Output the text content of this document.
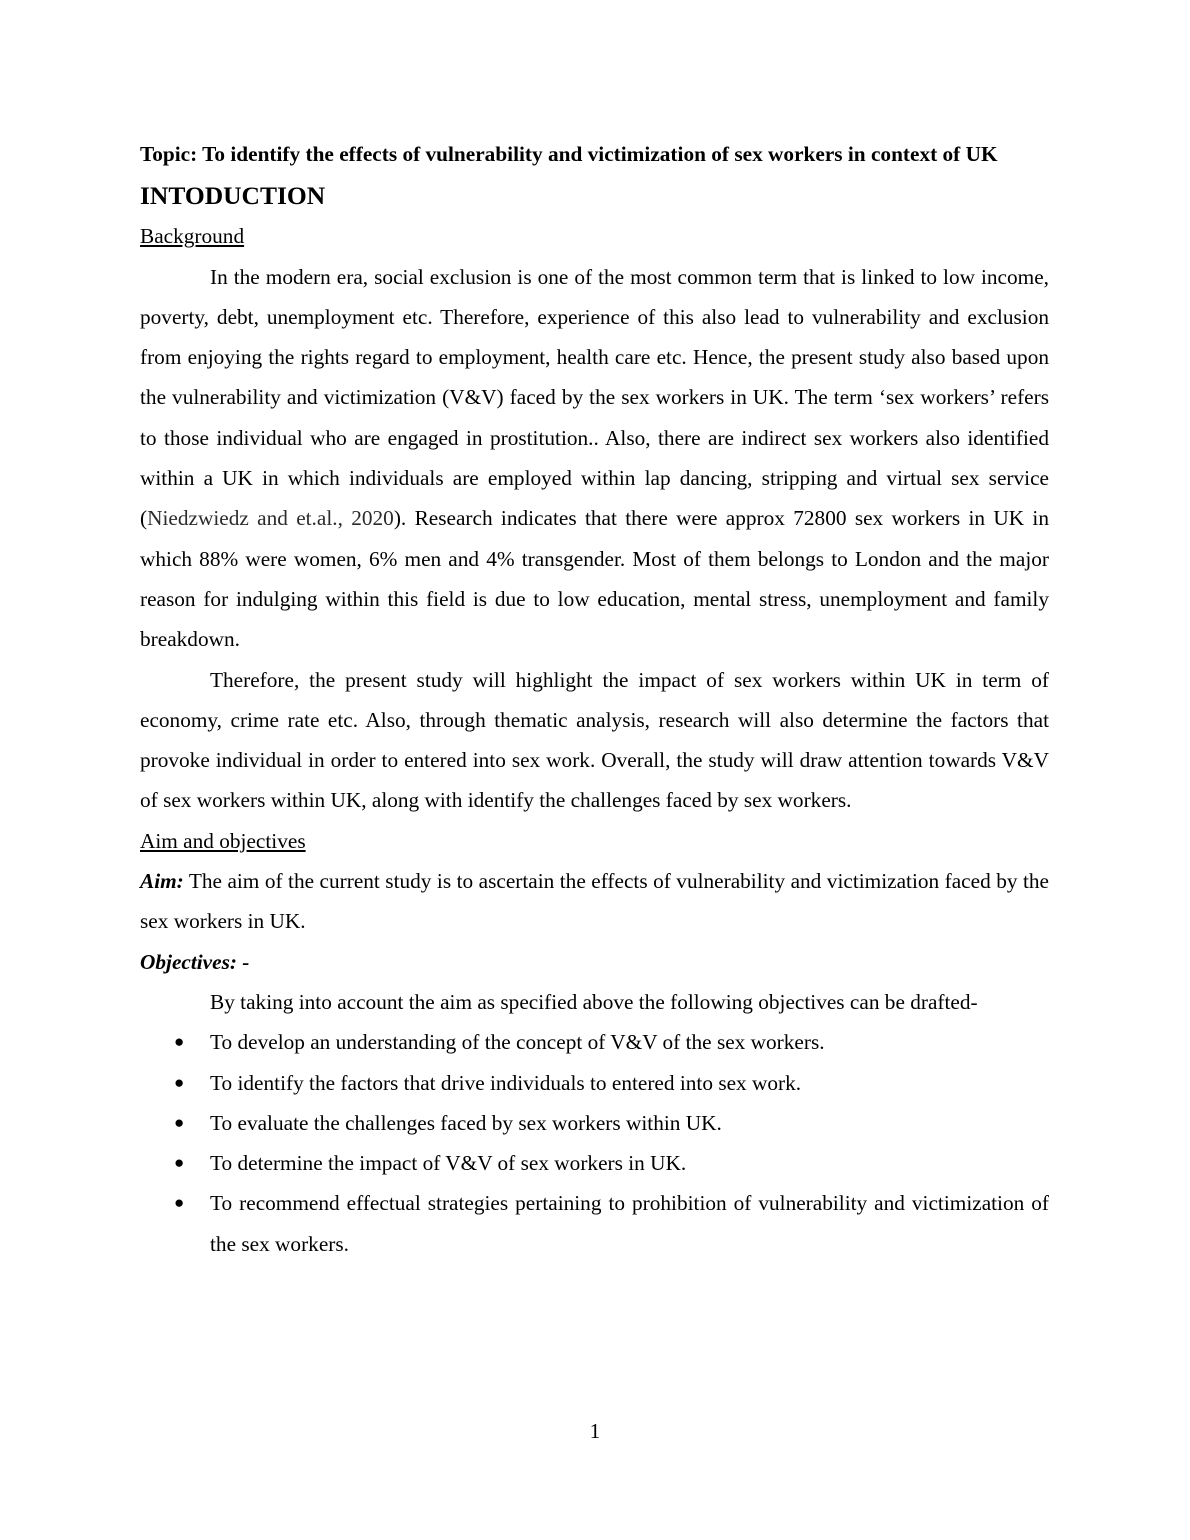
Topic: To identify the effects of vulnerability and victimization of sex workers in context of UK

INTODUCTION

Background

In the modern era, social exclusion is one of the most common term that is linked to low income, poverty, debt, unemployment etc. Therefore, experience of this also lead to vulnerability and exclusion from enjoying the rights regard to employment, health care etc. Hence, the present study also based upon the vulnerability and victimization (V&V) faced by the sex workers in UK. The term ‘sex workers’ refers to those individual who are engaged in prostitution.. Also, there are indirect sex workers also identified within a UK in which individuals are employed within lap dancing, stripping and virtual sex service (Niedzwiedz and et.al., 2020). Research indicates that there were approx 72800 sex workers in UK in which 88% were women, 6% men and 4% transgender. Most of them belongs to London and the major reason for indulging within this field is due to low education, mental stress, unemployment and family breakdown.

Therefore, the present study will highlight the impact of sex workers within UK in term of economy, crime rate etc. Also, through thematic analysis, research will also determine the factors that provoke individual in order to entered into sex work. Overall, the study will draw attention towards V&V of sex workers within UK, along with identify the challenges faced by sex workers.

Aim and objectives

Aim: The aim of the current study is to ascertain the effects of vulnerability and victimization faced by the sex workers in UK.

Objectives: -

By taking into account the aim as specified above the following objectives can be drafted-

● To develop an understanding of the concept of V&V of the sex workers.
● To identify the factors that drive individuals to entered into sex work.
● To evaluate the challenges faced by sex workers within UK.
● To determine the impact of V&V of sex workers in UK.
● To recommend effectual strategies pertaining to prohibition of vulnerability and victimization of the sex workers.
1
